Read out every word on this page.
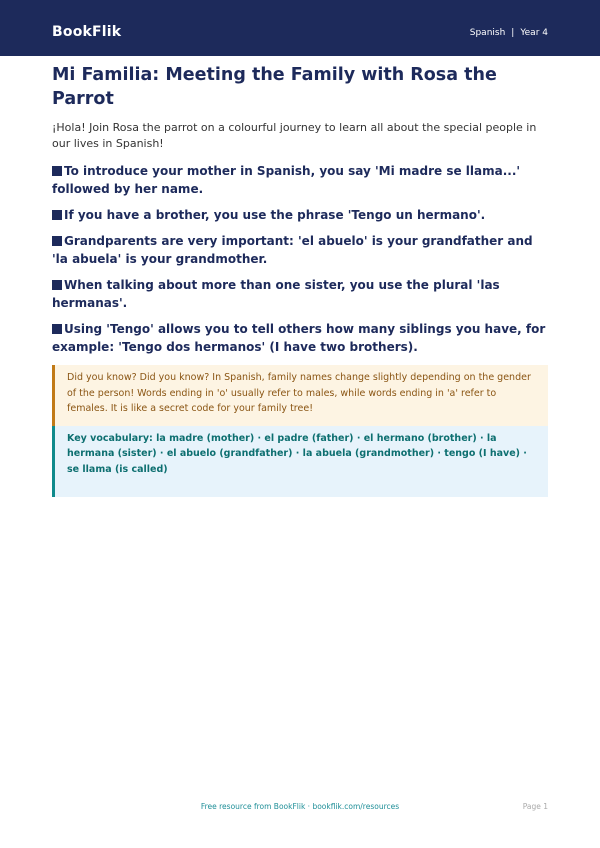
BookFlik	Spanish | Year 4
Mi Familia: Meeting the Family with Rosa the Parrot
¡Hola! Join Rosa the parrot on a colourful journey to learn all about the special people in our lives in Spanish!
To introduce your mother in Spanish, you say 'Mi madre se llama...' followed by her name.
If you have a brother, you use the phrase 'Tengo un hermano'.
Grandparents are very important: 'el abuelo' is your grandfather and 'la abuela' is your grandmother.
When talking about more than one sister, you use the plural 'las hermanas'.
Using 'Tengo' allows you to tell others how many siblings you have, for example: 'Tengo dos hermanos' (I have two brothers).
Did you know? Did you know? In Spanish, family names change slightly depending on the gender of the person! Words ending in 'o' usually refer to males, while words ending in 'a' refer to females. It is like a secret code for your family tree!
Key vocabulary: la madre (mother) · el padre (father) · el hermano (brother) · la hermana (sister) · el abuelo (grandfather) · la abuela (grandmother) · tengo (I have) · se llama (is called)
Free resource from BookFlik · bookflik.com/resources	Page 1
